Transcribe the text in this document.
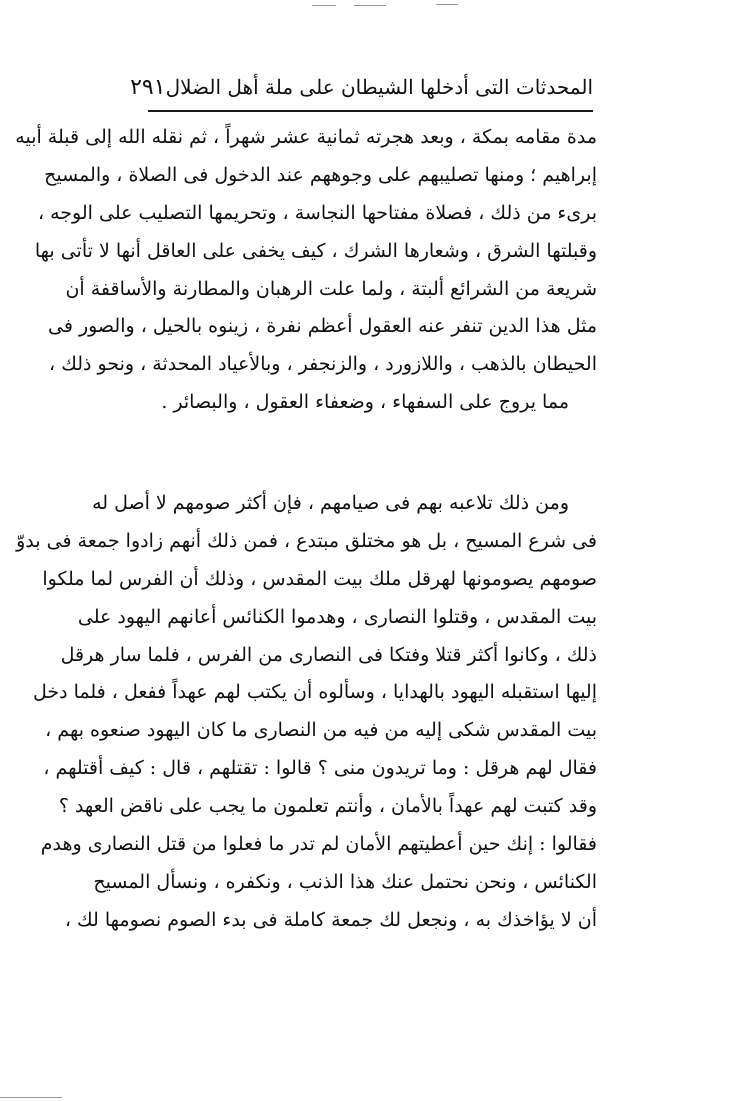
المحدثات التى أدخلها الشيطان على ملة أهل الضلال
٢٩١
مدة مقامه بمكة ، وبعد هجرته ثمانية عشر شهراً ، ثم نقله الله إلى قبلة أبيه
إبراهيم ؛ ومنها تصليبهم على وجوههم عند الدخول فى الصلاة ، والمسيح
برىء من ذلك ، فصلاة مفتاحها النجاسة ، وتحريمها التصليب على الوجه ،
وقبلتها الشرق ، وشعارها الشرك ، كيف يخفى على العاقل أنها لا تأتى بها
شريعة من الشرائع ألبتة ، ولما علت الرهبان والمطارنة والأساقفة أن
مثل هذا الدين تنفر عنه العقول أعظم نفرة ، زينوه بالحيل ، والصور فى
الحيطان بالذهب ، واللازورد ، والزنجفر ، وبالأعياد المحدثة ، ونحو ذلك ،
مما يروج على السفهاء ، وضعفاء العقول ، والبصائر .
ومن ذلك تلاعبه بهم فى صيامهم ، فإن أكثر صومهم لا أصل له
فى شرع المسيح ، بل هو مختلق مبتدع ، فمن ذلك أنهم زادوا جمعة فى بدوّ
صومهم يصومونها لهرقل ملك بيت المقدس ، وذلك أن الفرس لما ملكوا
بيت المقدس ، وقتلوا النصارى ، وهدموا الكنائس أعانهم اليهود على
ذلك ، وكانوا أكثر قتلا وفتكا فى النصارى من الفرس ، فلما سار هرقل
إليها استقبله اليهود بالهدايا ، وسألوه أن يكتب لهم عهداً ففعل ، فلما دخل
بيت المقدس شكى إليه من فيه من النصارى ما كان اليهود صنعوه بهم ،
فقال لهم هرقل : وما تريدون منى ؟ قالوا : تقتلهم ، قال : كيف أقتلهم ،
وقد كتبت لهم عهداً بالأمان ، وأنتم تعلمون ما يجب على ناقض العهد ؟
فقالوا : إنك حين أعطيتهم الأمان لم تدر ما فعلوا من قتل النصارى وهدم
الكنائس ، ونحن نحتمل عنك هذا الذنب ، ونكفره ، ونسأل المسيح
أن لا يؤاخذك به ، ونجعل لك جمعة كاملة فى بدء الصوم نصومها لك ،
